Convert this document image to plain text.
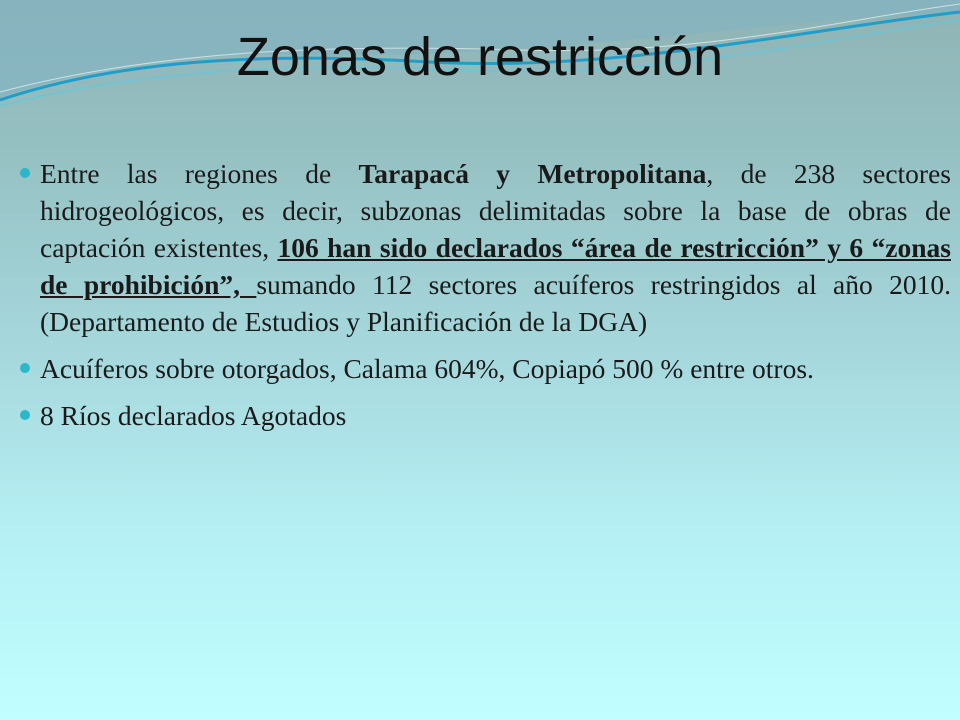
Zonas de restricción
Entre las regiones de Tarapacá y Metropolitana, de 238 sectores hidrogeológicos, es decir, subzonas delimitadas sobre la base de obras de captación existentes, 106 han sido declarados “área de restricción” y 6 “zonas de prohibición”, sumando 112 sectores acuíferos restringidos al año 2010. (Departamento de Estudios y Planificación de la DGA)
Acuíferos sobre otorgados, Calama 604%, Copiapó 500 % entre otros.
8 Ríos declarados Agotados
